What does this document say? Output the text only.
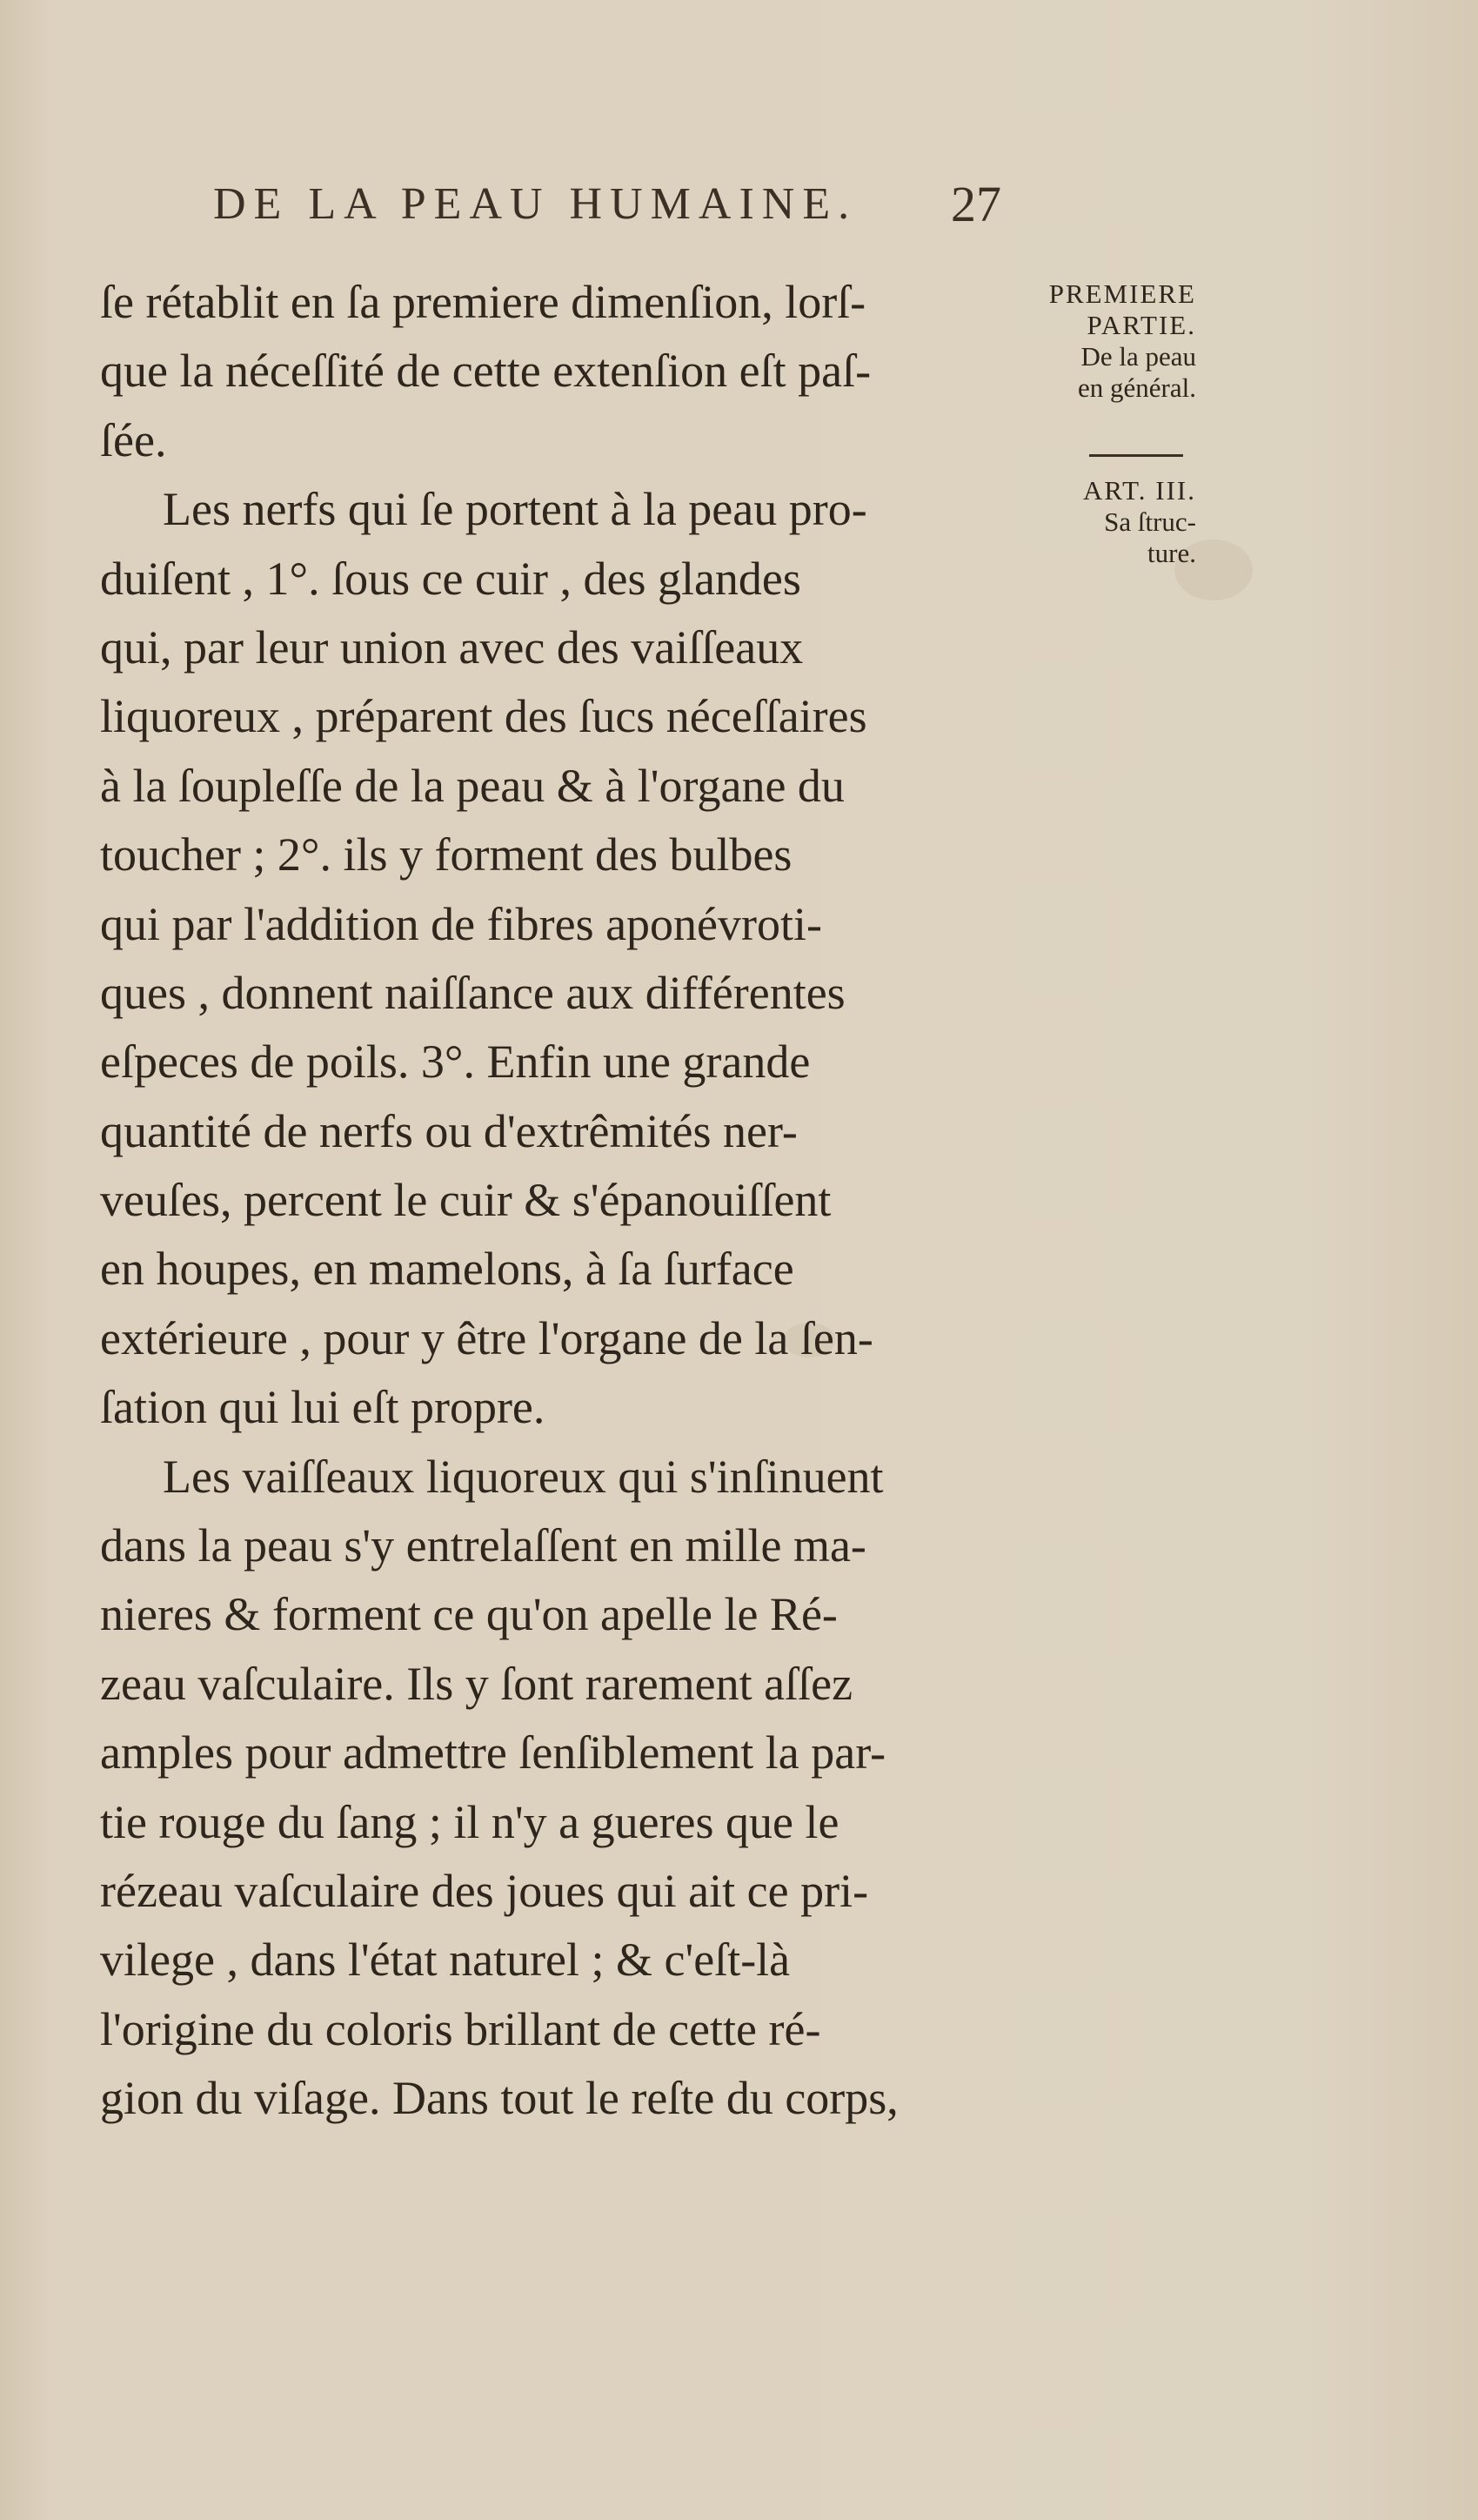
DE LA PEAU HUMAINE. 27
PREMIERE
PARTIE.
De la peau
en général.
ART. III.
Sa ſtruc-
ture.
ſe rétablit en ſa premiere dimenſion, lorſ-
que la néceſſité de cette extenſion eſt paſ-
ſée.
Les nerfs qui ſe portent à la peau pro-
duiſent , 1°. ſous ce cuir , des glandes
qui, par leur union avec des vaiſſeaux
liquoreux , préparent des ſucs néceſſaires
à la ſoupleſſe de la peau & à l'organe du
toucher ; 2°. ils y forment des bulbes
qui par l'addition de fibres aponévroti-
ques , donnent naiſſance aux différentes
eſpeces de poils. 3°. Enfin une grande
quantité de nerfs ou d'extrêmités ner-
veuſes, percent le cuir & s'épanouiſſent
en houpes, en mamelons, à ſa ſurface
extérieure , pour y être l'organe de la ſen-
ſation qui lui eſt propre.
Les vaiſſeaux liquoreux qui s'inſinuent
dans la peau s'y entrelaſſent en mille ma-
nieres & forment ce qu'on apelle le Ré-
zeau vaſculaire. Ils y ſont rarement aſſez
amples pour admettre ſenſiblement la par-
tie rouge du ſang ; il n'y a gueres que le
rézeau vaſculaire des joues qui ait ce pri-
vilege , dans l'état naturel ; & c'eſt-là
l'origine du coloris brillant de cette ré-
gion du viſage. Dans tout le reſte du corps,
